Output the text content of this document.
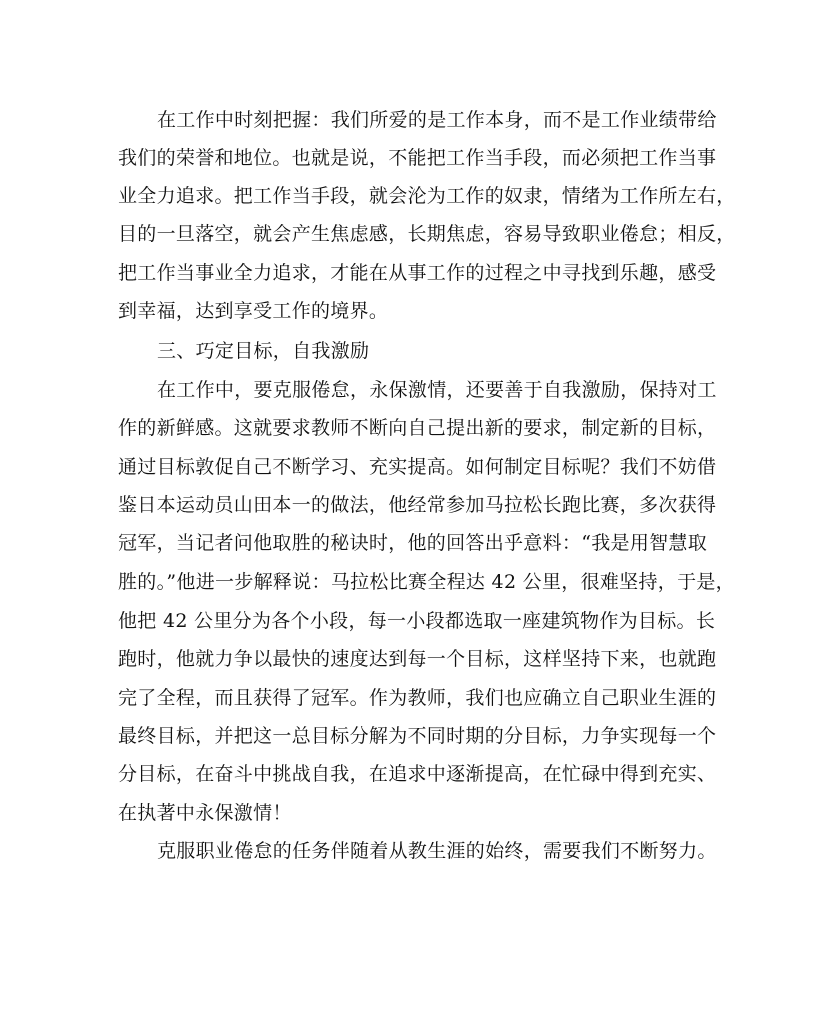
在工作中时刻把握：我们所爱的是工作本身，而不是工作业绩带给
我们的荣誉和地位。也就是说，不能把工作当手段，而必须把工作当事
业全力追求。把工作当手段，就会沦为工作的奴隶，情绪为工作所左右，
目的一旦落空，就会产生焦虑感，长期焦虑，容易导致职业倦怠；相反，
把工作当事业全力追求，才能在从事工作的过程之中寻找到乐趣，感受
到幸福，达到享受工作的境界。
三、巧定目标，自我激励
在工作中，要克服倦怠，永保激情，还要善于自我激励，保持对工
作的新鲜感。这就要求教师不断向自己提出新的要求，制定新的目标，
通过目标敦促自己不断学习、充实提高。如何制定目标呢？我们不妨借
鉴日本运动员山田本一的做法，他经常参加马拉松长跑比赛，多次获得
冠军，当记者问他取胜的秘诀时，他的回答出乎意料：“我是用智慧取
胜的。”他进一步解释说：马拉松比赛全程达 42 公里，很难坚持，于是，
他把 42 公里分为各个小段，每一小段都选取一座建筑物作为目标。长
跑时，他就力争以最快的速度达到每一个目标，这样坚持下来，也就跑
完了全程，而且获得了冠军。作为教师，我们也应确立自己职业生涯的
最终目标，并把这一总目标分解为不同时期的分目标，力争实现每一个
分目标，在奋斗中挑战自我，在追求中逐渐提高，在忙碌中得到充实、
在执著中永保激情！
克服职业倦怠的任务伴随着从教生涯的始终，需要我们不断努力。
